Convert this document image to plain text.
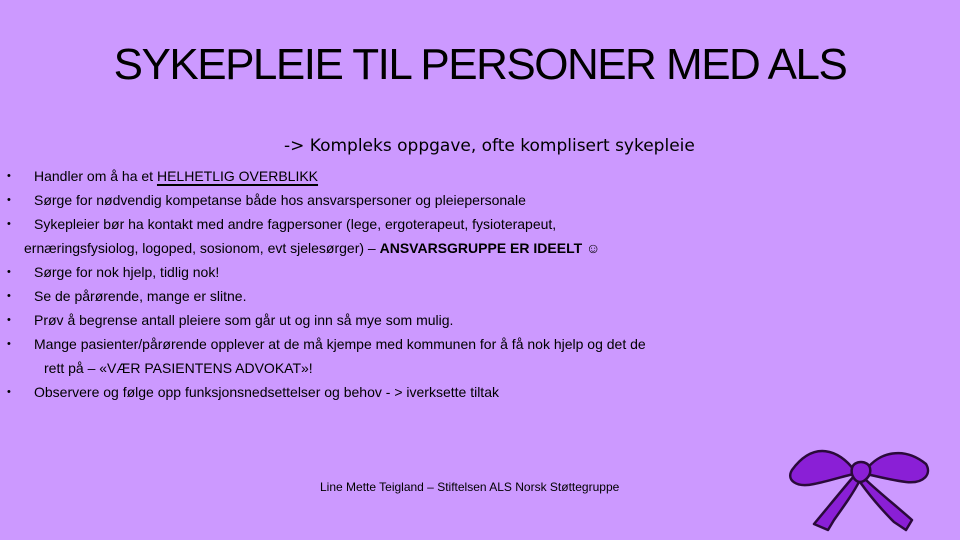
SYKEPLEIE TIL PERSONER MED ALS
-> Kompleks oppgave, ofte komplisert sykepleie
• Handler om å ha et HELHETLIG OVERBLIKK
• Sørge for nødvendig kompetanse både hos ansvarspersoner og pleiepersonale
• Sykepleier bør ha kontakt med andre fagpersoner (lege, ergoterapeut, fysioterapeut,
ernæringsfysiolog, logoped, sosionom, evt sjelesørger) – ANSVARSGRUPPE ER IDEELT ☺
• Sørge for nok hjelp, tidlig nok!
• Se de pårørende, mange er slitne.
• Prøv å begrense antall pleiere som går ut og inn så mye som mulig.
• Mange pasienter/pårørende opplever at de må kjempe med kommunen for å få nok hjelp og det de
rett på – «VÆR PASIENTENS ADVOKAT»!
• Observere og følge opp funksjonsnedsettelser og behov - > iverksette tiltak
Line Mette Teigland – Stiftelsen ALS Norsk Støttegruppe
